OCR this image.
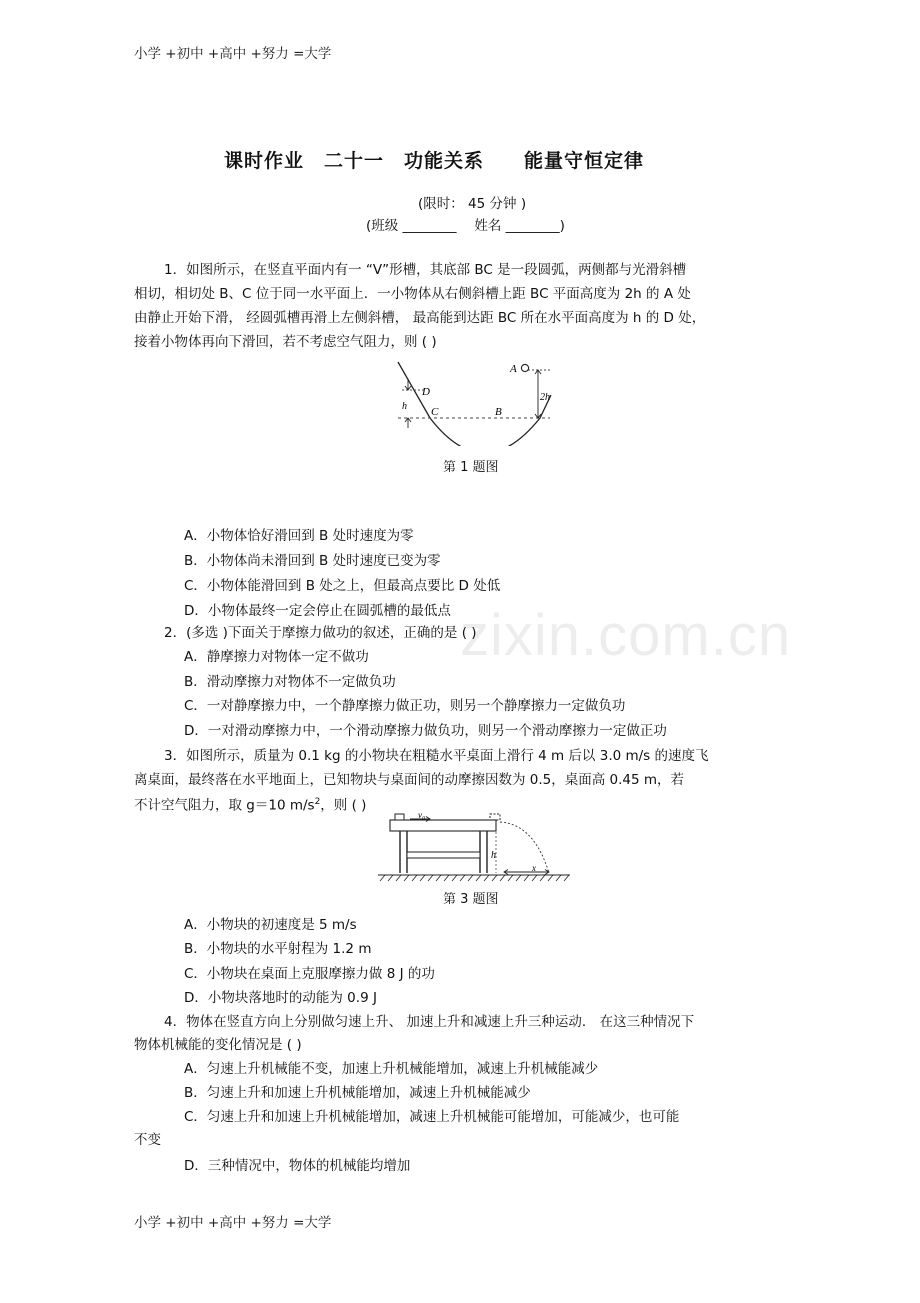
zixin.com.cn
小学 +初中 +高中 +努力 =大学
课时作业　二十一　功能关系　　能量守恒定律
(限时： 45 分钟 )
(班级 ________　 姓名 ________)
1．如图所示，在竖直平面内有一 “V”形槽，其底部 BC 是一段圆弧，两侧都与光滑斜槽
相切，相切处 B、C 位于同一水平面上．一小物体从右侧斜槽上距 BC 平面高度为 2h 的 A 处
由静止开始下滑， 经圆弧槽再滑上左侧斜槽， 最高能到达距 BC 所在水平面高度为 h 的 D 处，
接着小物体再向下滑回，若不考虑空气阻力，则 ( )
A
D
C	B
h
2h
第 1 题图
A．小物体恰好滑回到 B 处时速度为零
B．小物体尚未滑回到 B 处时速度已变为零
C．小物体能滑回到 B 处之上，但最高点要比 D 处低
D．小物体最终一定会停止在圆弧槽的最低点
2．(多选 )下面关于摩擦力做功的叙述，正确的是 ( )
A．静摩擦力对物体一定不做功
B．滑动摩擦力对物体不一定做负功
C．一对静摩擦力中，一个静摩擦力做正功，则另一个静摩擦力一定做负功
D．一对滑动摩擦力中，一个滑动摩擦力做负功，则另一个滑动摩擦力一定做正功
3．如图所示，质量为 0.1 kg 的小物块在粗糙水平桌面上滑行 4 m 后以 3.0 m/s 的速度飞
离桌面，最终落在水平地面上，已知物块与桌面间的动摩擦因数为 0.5，桌面高 0.45 m，若
不计空气阻力，取 g＝10 $m/s^2$，则 ( )
v₀
h
x
第 3 题图
A．小物块的初速度是 5 m/s
B．小物块的水平射程为 1.2 m
C．小物块在桌面上克服摩擦力做 8 J 的功
D．小物块落地时的动能为 0.9 J
4．物体在竖直方向上分别做匀速上升、 加速上升和减速上升三种运动． 在这三种情况下
物体机械能的变化情况是 ( )
A．匀速上升机械能不变，加速上升机械能增加，减速上升机械能减少
B．匀速上升和加速上升机械能增加，减速上升机械能减少
C．匀速上升和加速上升机械能增加，减速上升机械能可能增加，可能减少，也可能
不变
D．三种情况中，物体的机械能均增加
小学 +初中 +高中 +努力 =大学
